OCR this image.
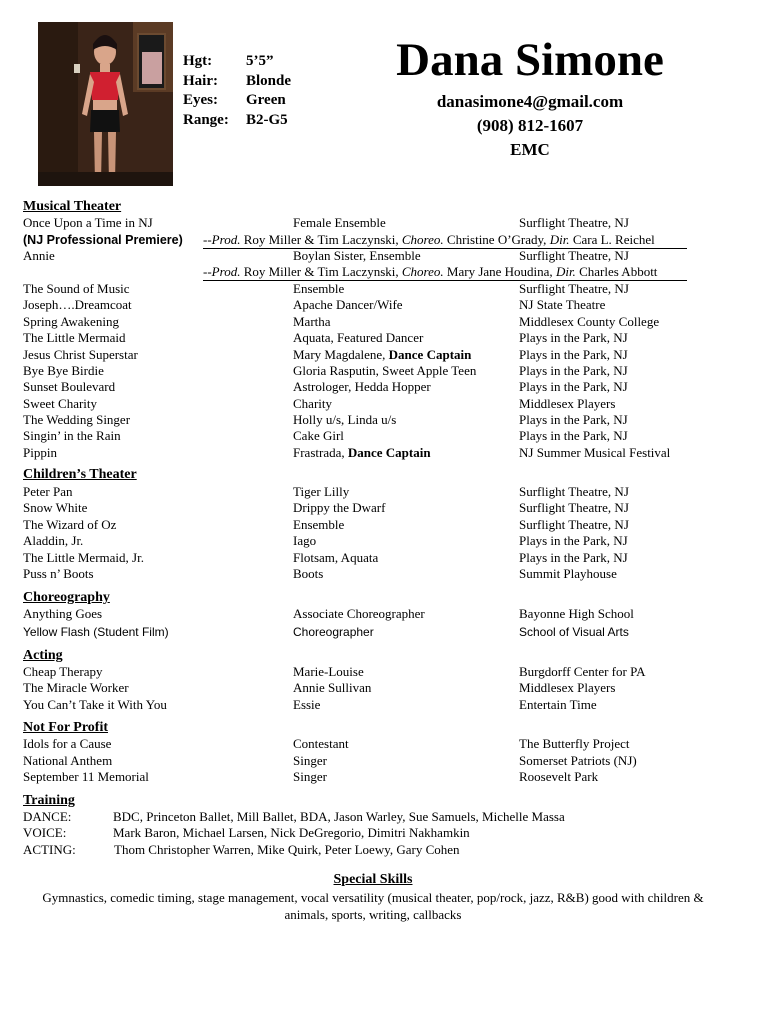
Hgt:	5’5”
Hair:	Blonde
Eyes:	Green
Range:	B2-G5
Dana Simone
danasimone4@gmail.com
(908) 812-1607
EMC
Musical Theater
Once Upon a Time in NJ	Female Ensemble	Surflight Theatre, NJ
(NJ Professional Premiere) --Prod. Roy Miller & Tim Laczynski, Choreo. Christine O’Grady, Dir. Cara L. Reichel
Annie	Boylan Sister, Ensemble	Surflight Theatre, NJ
--Prod. Roy Miller & Tim Laczynski, Choreo. Mary Jane Houdina, Dir. Charles Abbott
The Sound of Music	Ensemble	Surflight Theatre, NJ
Joseph….Dreamcoat	Apache Dancer/Wife	NJ State Theatre
Spring Awakening	Martha	Middlesex County College
The Little Mermaid	Aquata, Featured Dancer	Plays in the Park, NJ
Jesus Christ Superstar	Mary Magdalene, Dance Captain	Plays in the Park, NJ
Bye Bye Birdie	Gloria Rasputin, Sweet Apple Teen	Plays in the Park, NJ
Sunset Boulevard	Astrologer, Hedda Hopper	Plays in the Park, NJ
Sweet Charity	Charity	Middlesex Players
The Wedding Singer	Holly u/s, Linda u/s	Plays in the Park, NJ
Singin’ in the Rain	Cake Girl	Plays in the Park, NJ
Pippin	Frastrada, Dance Captain	NJ Summer Musical Festival
Children’s Theater
Peter Pan	Tiger Lilly	Surflight Theatre, NJ
Snow White	Drippy the Dwarf	Surflight Theatre, NJ
The Wizard of Oz	Ensemble	Surflight Theatre, NJ
Aladdin, Jr.	Iago	Plays in the Park, NJ
The Little Mermaid, Jr.	Flotsam, Aquata	Plays in the Park, NJ
Puss n’ Boots	Boots	Summit Playhouse
Choreography
Anything Goes	Associate Choreographer	Bayonne High School
Yellow Flash (Student Film)	Choreographer	School of Visual Arts
Acting
Cheap Therapy	Marie-Louise	Burgdorff Center for PA
The Miracle Worker	Annie Sullivan	Middlesex Players
You Can’t Take it With You	Essie	Entertain Time
Not For Profit
Idols for a Cause	Contestant	The Butterfly Project
National Anthem	Singer	Somerset Patriots (NJ)
September 11 Memorial	Singer	Roosevelt Park
Training
DANCE:	BDC, Princeton Ballet, Mill Ballet, BDA, Jason Warley, Sue Samuels, Michelle Massa
VOICE:	Mark Baron, Michael Larsen, Nick DeGregorio, Dimitri Nakhamkin
ACTING:	Thom Christopher Warren, Mike Quirk, Peter Loewy, Gary Cohen
Special Skills
Gymnastics, comedic timing, stage management, vocal versatility (musical theater, pop/rock, jazz, R&B) good with children & animals, sports, writing, callbacks
